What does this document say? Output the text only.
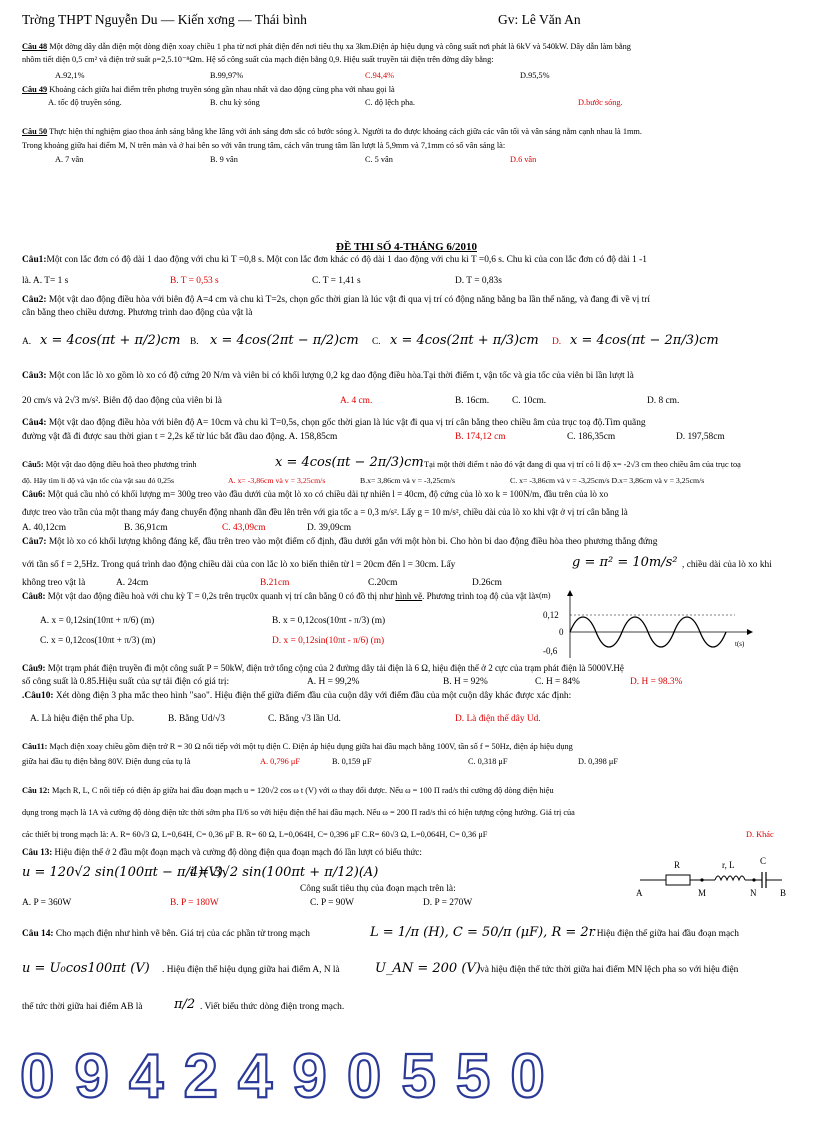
Trờng THPT Nguyễn Du — Kiến xơng — Thái bình	Gv: Lê Văn An
Câu 48 Một đờng dây dẫn điện một dòng điện xoay chiều 1 pha từ nơi phát điện đến nơi tiêu thụ xa 3km.Điện áp hiệu dụng và công suất nơi phát là 6kV và 540kW. Dây dẫn làm bằng
nhôm tiết diện 0,5 cm² và điện trở suất ρ=2,5.10⁻⁸Ωm. Hệ số công suất của mạch điện bằng 0,9. Hiệu suất truyền tải điện trên đờng dây bằng:
A.92,1%	B.99,97%	C.94,4%	D.95,5%
Câu 49 Khoảng cách giữa hai điểm trên phơng truyền sóng gần nhau nhất và dao động cùng pha với nhau gọi là
A. tốc độ truyền sóng.	B. chu kỳ sóng	C. độ lệch pha.	D.bước sóng.
Câu 50 Thực hiện thí nghiệm giao thoa ánh sáng bằng khe Iâng với ánh sáng đơn sắc có bước sóng λ. Người ta đo được khoảng cách giữa các vân tối và vân sáng nằm cạnh nhau là 1mm.
Trong khoảng giữa hai điểm M, N trên màn và ở hai bên so với vân trung tâm, cách vân trung tâm lần lượt là 5,9mm và 7,1mm có số vân sáng là:
A. 7 vân	B. 9 vân	C. 5 vân	D.6 vân
ĐỀ THI SỐ 4-THÁNG 6/2010
Câu1:Một con lắc đơn có độ dài 1 dao động với chu kì T =0,8 s. Một con lắc đơn khác có độ dài 1 dao động với chu kì T =0,6 s. Chu kì của con lắc đơn có độ dài 1 -1
là. A. T= 1 s	B. T = 0,53 s	C. T = 1,41 s	D. T = 0,83s
Câu2: Một vật dao động điều hòa với biên độ A=4 cm và chu kì T=2s, chọn gốc thời gian là lúc vật đi qua vị trí có động năng bằng ba lần thế năng, và đang đi về vị trí
cân bằng theo chiều dương. Phương trình dao động của vật là
A. x = 4cos(πt + π/2)cm B. x = 4cos(2πt − π/2)cm C. x = 4cos(2πt + π/3)cm D. x = 4cos(πt − 2π/3)cm
Câu3: Một con lắc lò xo gồm lò xo có độ cứng 20 N/m và viên bi có khối lượng 0,2 kg dao động điều hòa.Tại thời điểm t, vận tốc và gia tốc của viên bi lần lượt là
20 cm/s và 2√3 m/s². Biên độ dao động của viên bi là	A. 4 cm.	B. 16cm. C. 10cm.	D. 8 cm.
Câu4: Một vật dao động điều hòa với biên độ A= 10cm và chu kì T=0,5s, chọn gốc thời gian là lúc vật đi qua vị trí cân bằng theo chiều âm của trục toạ độ.Tìm quãng
đường vật đã đi được sau thời gian t = 2,2s kể từ lúc bắt đầu dao động. A. 158,85cm	B. 174,12 cm	C. 186,35cm	D. 197,58cm
Câu5: Một vật dao động điều hoà theo phương trình	x = 4cos(πt − 2π/3)cm
. Tại một thời điểm t nào đó vật đang đi qua vị trí có li độ x= -2√3 cm theo chiều âm của trục toạ
độ. Hãy tìm li độ và vận tốc của vật sau đó 0,25s	A. x= -3,86cm và v = 3,25cm/s	B.x= 3,86cm và v = -3,25cm/s	C. x= -3,86cm và v = -3,25cm/s D.x= 3,86cm và v = 3,25cm/s
Câu6: Một quả cầu nhỏ có khối lượng m= 300g treo vào đầu dưới của một lò xo có chiều dài tự nhiên l = 40cm, độ cứng của lò xo k = 100N/m, đầu trên của lò xo
được treo vào trần của một thang máy đang chuyển động nhanh dần đều lên trên với gia tốc a = 0,3 m/s². Lấy g = 10 m/s², chiều dài của lò xo khi vật ở vị trí cân bằng là
A. 40,12cm	B. 36,91cm	C. 43,09cm	D. 39,09cm
Câu7: Một lò xo có khối lượng không đáng kể, đầu trên treo vào một điểm cố định, đầu dưới gắn với một hòn bi. Cho hòn bi dao động điều hòa theo phương thẳng đứng
với tần số f = 2,5Hz. Trong quá trình dao động chiều dài của con lắc lò xo biến thiên từ l = 20cm đến l = 30cm. Lấy	g = π² = 10m/s² , chiều dài của lò xo khi
không treo vật là	A. 24cm	B.21cm	C.20cm	D.26cm
Câu8: Một vật dao động điều hoà với chu kỳ T = 0,2s trên trục0x quanh vị trí cân bằng 0 có đồ thị như hình vẽ. Phương trình toạ độ của vật là
A. x = 0,12sin(10πt + π/6) (m)	B. x = 0,12cos(10πt - π/3) (m)
C. x = 0,12cos(10πt + π/3) (m)	D. x = 0,12sin(10πt - π/6) (m)
x(m)
0,12
0
-0,6
t(s)
Câu9: Một trạm phát điện truyền đi một công suất P = 50kW, điện trở tổng cộng của 2 đường dây tải điện là 6 Ω, hiệu điện thế ở 2 cực của trạm phát điện là 5000V.Hệ
số công suất là 0.85.Hiệu suất của sự tải điện có giá trị:	A. H = 99,2%	B. H = 92%	C. H = 84%	D. H = 98.3%
.Câu10: Xét dòng điện 3 pha mắc theo hình "sao". Hiệu điện thế giữa điểm đầu của cuộn dây với điểm đầu của một cuộn dây khác được xác định:
A. Là hiệu điện thế pha Up.	B. Bằng Ud/√3	C. Bằng √3 lần Ud.	D. Là điện thế dây Ud.
Câu11: Mạch điện xoay chiều gồm điện trở R = 30 Ω nối tiếp với một tụ điện C. Điện áp hiệu dụng giữa hai đầu mạch bằng 100V, tần số f = 50Hz, điện áp hiệu dụng
giữa hai đầu tụ điện bằng 80V. Điện dung của tụ là	A. 0,796 μF	B. 0,159 μF	C. 0,318 μF	D. 0,398 μF
Câu 12: Mạch R, L, C nối tiếp có điện áp giữa hai đầu đoạn mạch u = 120√2 cos ω t (V) với ω thay đổi được. Nếu ω = 100 Π rad/s thì cường độ dòng điện hiệu
dụng trong mạch là 1A và cường độ dòng điện tức thời sớm pha Π/6 so với hiệu điện thế hai đầu mạch. Nếu ω = 200 Π rad/s thì có hiện tượng cộng hưởng. Giá trị của
các thiết bị trong mạch là: A. R= 60√3 Ω, L=0,64H, C= 0,36 μF B. R= 60 Ω, L=0,064H, C= 0,396 μF C.R= 60√3 Ω, L=0,064H, C= 0,36 μF	D. Khác
Câu 13: Hiệu điện thế ở 2 đầu một đoạn mạch và cường độ dòng điện qua đoạn mạch đó lần lượt có biểu thức:
u = 120√2 sin(100πt − π/4)(V),
i = 3√2 sin(100πt + π/12)(A)
Công suất tiêu thụ của đoạn mạch trên là:
A. P = 360W	B. P = 180W	C. P = 90W	D. P = 270W
R	r, L	C
A	M	N	B
Câu 14: Cho mạch điện như hình vẽ bên. Giá trị của các phần tử trong mạch	L = 1/π (H), C = 50/π (μF), R = 2r
. Hiệu điện thế giữa hai đầu đoạn mạch
u = U₀cos100πt (V) . Hiệu điện thế hiệu dụng giữa hai điểm A, N là	U_AN = 200 (V) và hiệu điện thế tức thời giữa hai điểm MN lệch pha so với hiệu điện
thế tức thời giữa hai điểm AB là π/2 . Viết biểu thức dòng điện trong mạch.
0942490550
